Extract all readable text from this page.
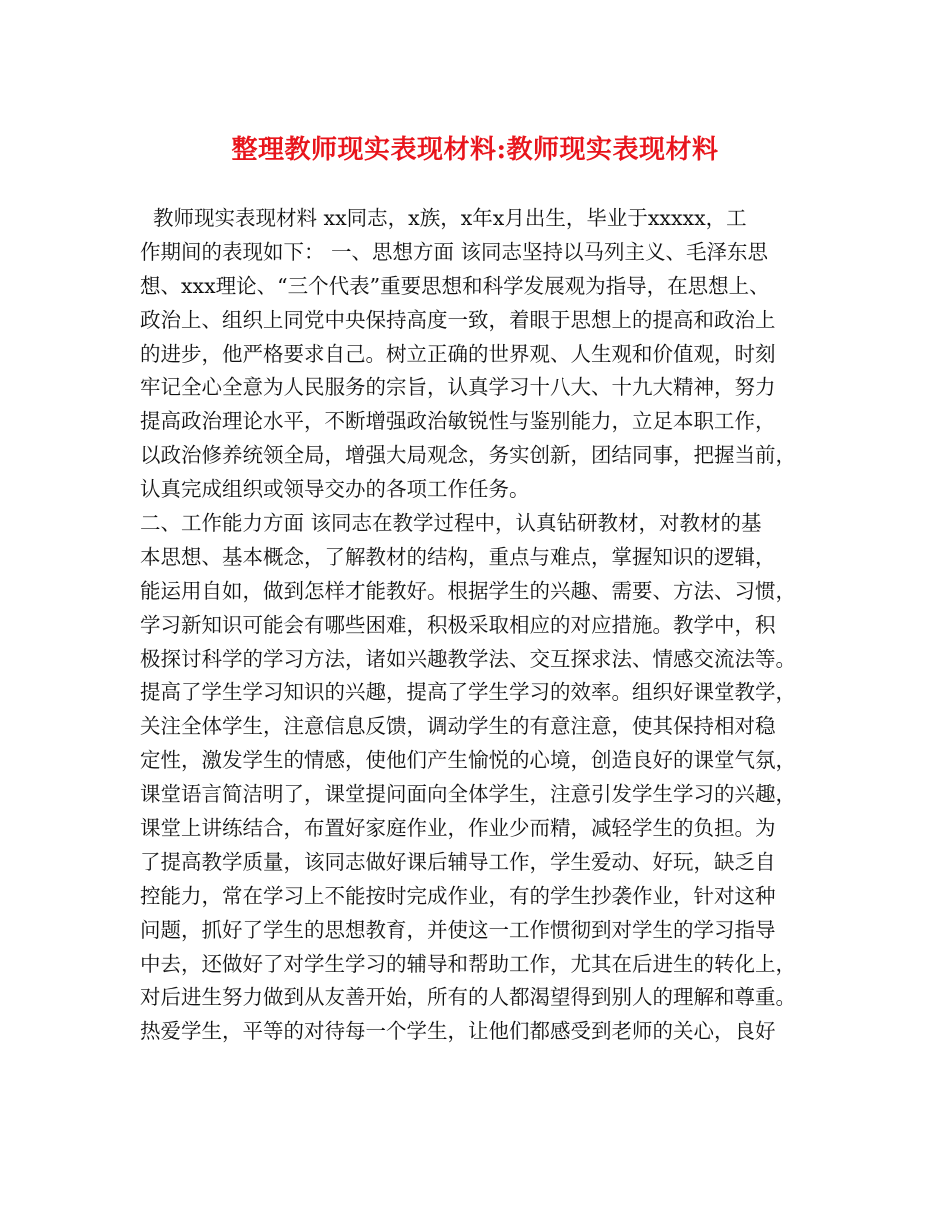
整理教师现实表现材料:教师现实表现材料
教师现实表现材料 xx同志，x族，x年x月出生，毕业于xxxxx，工
作期间的表现如下： 一、思想方面 该同志坚持以马列主义、毛泽东思
想、xxx理论、“三个代表”重要思想和科学发展观为指导，在思想上、
政治上、组织上同党中央保持高度一致，着眼于思想上的提高和政治上
的进步，他严格要求自己。树立正确的世界观、人生观和价值观，时刻
牢记全心全意为人民服务的宗旨，认真学习十八大、十九大精神，努力
提高政治理论水平，不断增强政治敏锐性与鉴别能力，立足本职工作，
以政治修养统领全局，增强大局观念，务实创新，团结同事，把握当前，
认真完成组织或领导交办的各项工作任务。
二、工作能力方面 该同志在教学过程中，认真钻研教材，对教材的基
本思想、基本概念，了解教材的结构，重点与难点，掌握知识的逻辑，
能运用自如，做到怎样才能教好。根据学生的兴趣、需要、方法、习惯，
学习新知识可能会有哪些困难，积极采取相应的对应措施。教学中，积
极探讨科学的学习方法，诸如兴趣教学法、交互探求法、情感交流法等。
提高了学生学习知识的兴趣，提高了学生学习的效率。组织好课堂教学，
关注全体学生，注意信息反馈，调动学生的有意注意，使其保持相对稳
定性，激发学生的情感，使他们产生愉悦的心境，创造良好的课堂气氛，
课堂语言简洁明了，课堂提问面向全体学生，注意引发学生学习的兴趣，
课堂上讲练结合，布置好家庭作业，作业少而精，减轻学生的负担。为
了提高教学质量，该同志做好课后辅导工作，学生爱动、好玩，缺乏自
控能力，常在学习上不能按时完成作业，有的学生抄袭作业，针对这种
问题，抓好了学生的思想教育，并使这一工作惯彻到对学生的学习指导
中去，还做好了对学生学习的辅导和帮助工作，尤其在后进生的转化上，
对后进生努力做到从友善开始，所有的人都渴望得到别人的理解和尊重。
热爱学生，平等的对待每一个学生，让他们都感受到老师的关心，良好
